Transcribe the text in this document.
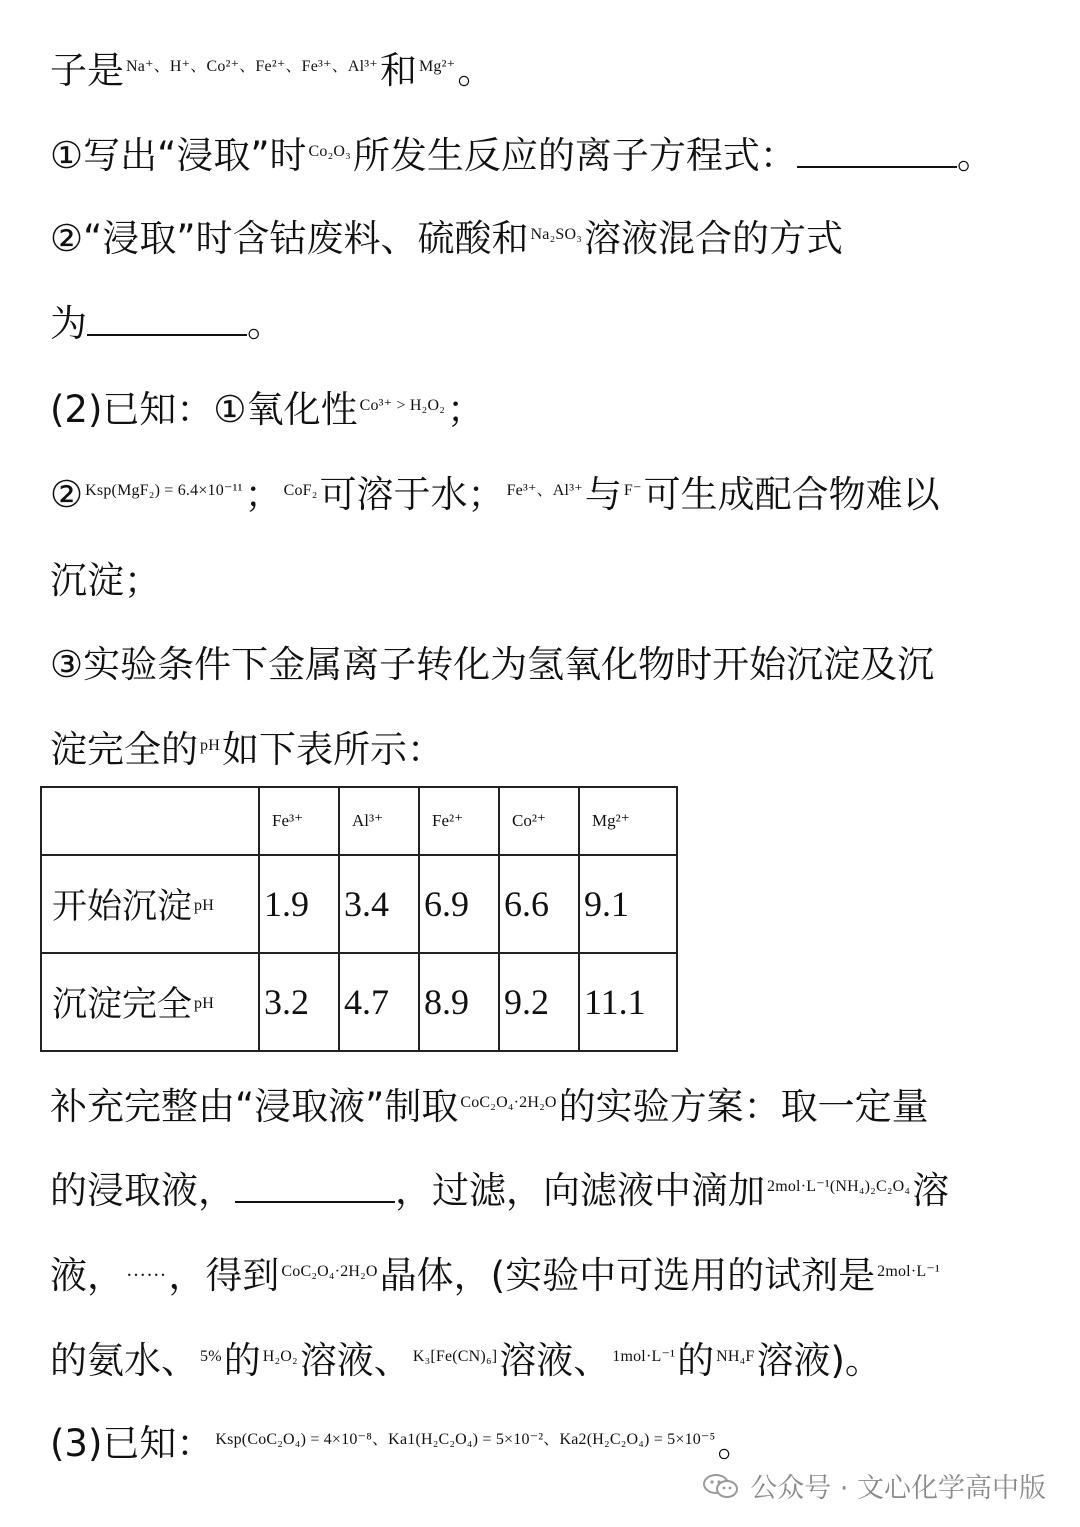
子是 $^{Na^+、H^+、Co^{2+}、Fe^{2+}、Fe^{3+}、Al^{3+}}$和 $^{Mg^{2+}}$。
①写出“浸取”时 $^{Co_2O_3}$所发生反应的离子方程式：	。
②“浸取”时含钴废料、硫酸和 $^{Na_2SO_3}$溶液混合的方式
为	。
(2)已知：①氧化性 $^{Co^{3+} > H_2O_2}$；
② $^{Ksp(MgF_2) = 6.4\times 10^{-11}}$； $^{CoF_2}$可溶于水； $^{Fe^{3+}、Al^{3+}}$与 $^{F^-}$可生成配合物难以
沉淀；
③实验条件下金属离子转化为氢氧化物时开始沉淀及沉
淀完全的 $^{pH}$如下表所示：
	Fe³⁺	Al³⁺	Fe²⁺	Co²⁺	Mg²⁺
开始沉淀 $^{pH}$	1.9	3.4	6.9	6.6	9.1
沉淀完全 $^{pH}$	3.2	4.7	8.9	9.2	11.1
补充完整由“浸取液”制取 $^{CoC_2O_4\cdot 2H_2O}$的实验方案：取一定量
的浸取液，	，过滤，向滤液中滴加 $^{2mol\cdot L^{-1}(NH_4)_2C_2O_4}$溶
液， ……，得到 $^{CoC_2O_4\cdot 2H_2O}$晶体，(实验中可选用的试剂是 $^{2mol\cdot L^{-1}}$
的氨水、 $^{5\%}$的 $^{H_2O_2}$溶液、 $^{K_3[Fe(CN)_6]}$溶液、 $^{1mol\cdot L^{-1}}$的 $^{NH_4F}$溶液)。
(3)已知： $^{Ksp(CoC_2O_4) = 4\times 10^{-8}、Ka1(H_2C_2O_4) = 5\times 10^{-2}、Ka2(H_2C_2O_4) = 5\times 10^{-5}}$。
公众号 · 文心化学高中版
